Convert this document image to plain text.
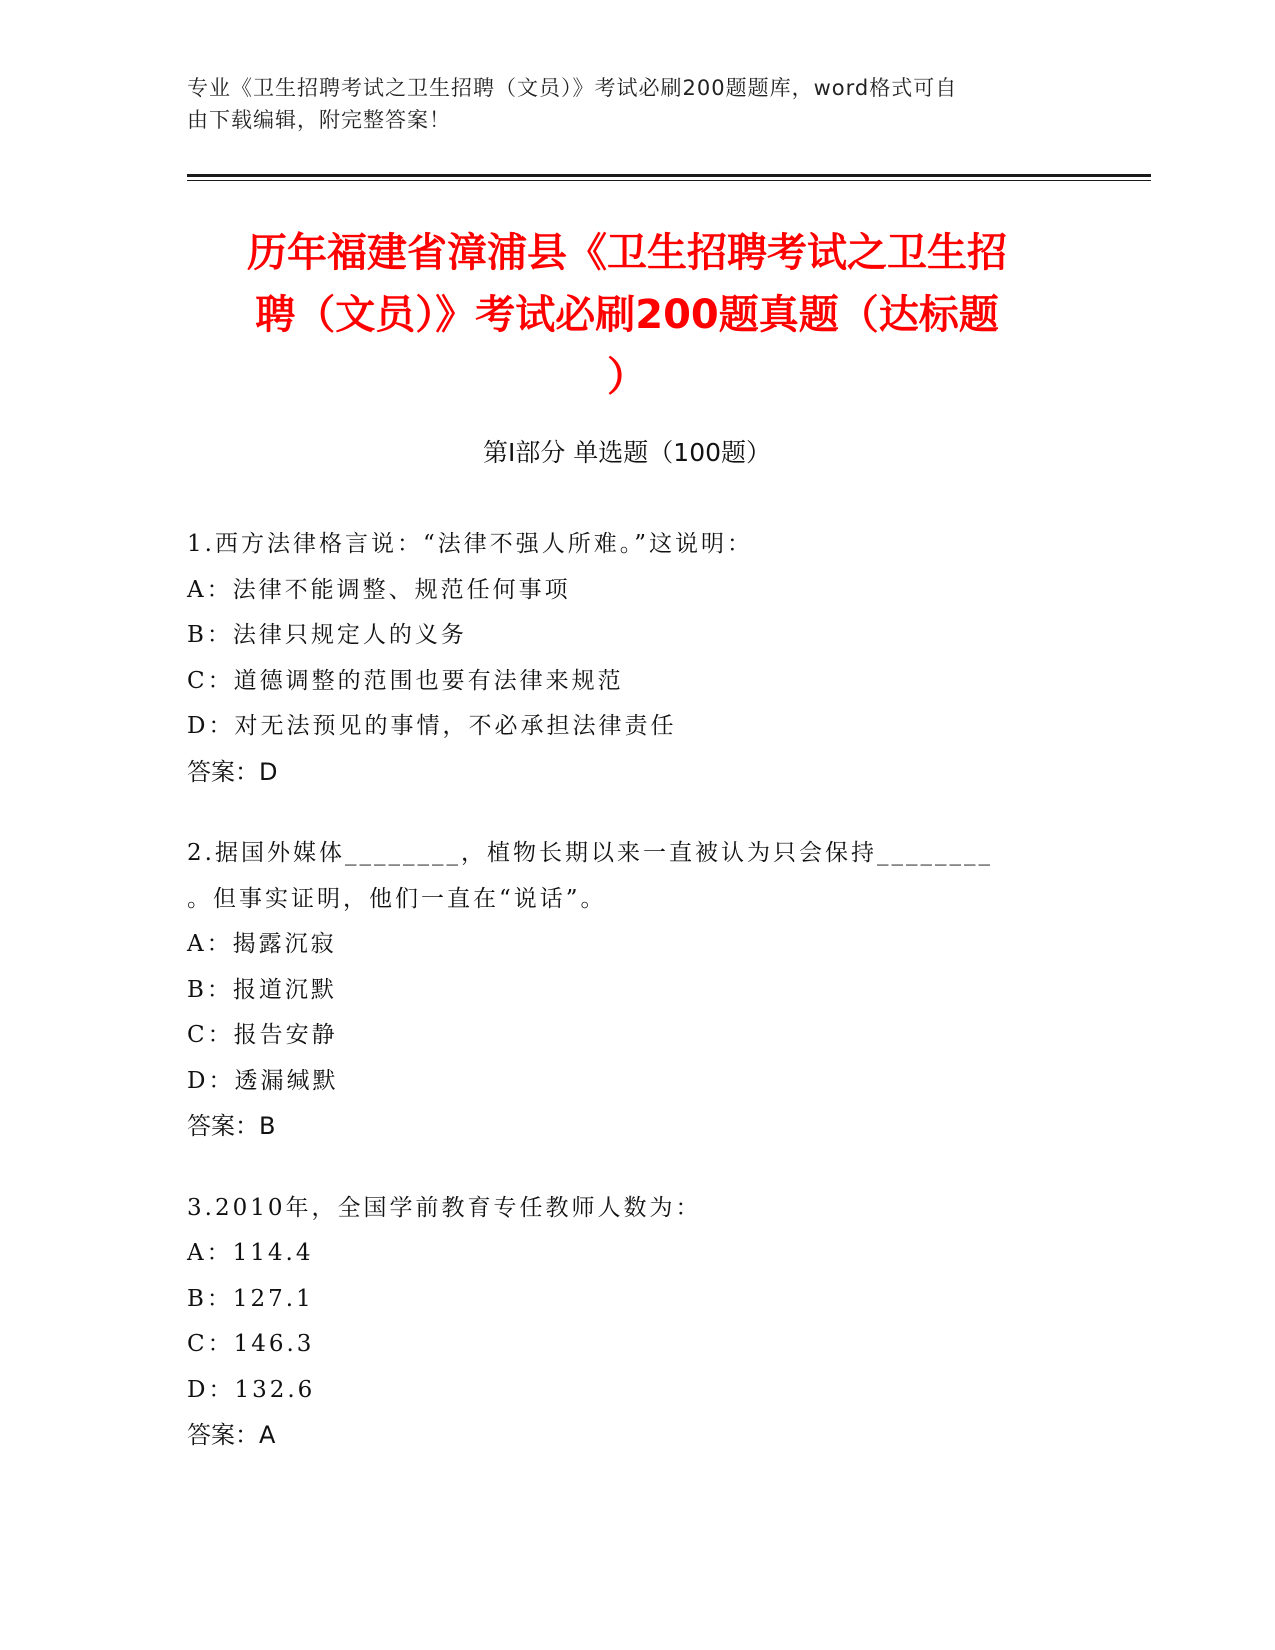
专业《卫生招聘考试之卫生招聘（文员）》考试必刷200题题库，word格式可自
由下载编辑，附完整答案！
历年福建省漳浦县《卫生招聘考试之卫生招
聘（文员）》考试必刷200题真题（达标题
）
第Ⅰ部分 单选题（100题）
1.西方法律格言说：“法律不强人所难。”这说明：
A：法律不能调整、规范任何事项
B：法律只规定人的义务
C：道德调整的范围也要有法律来规范
D：对无法预见的事情，不必承担法律责任
答案：D
2.据国外媒体________，植物长期以来一直被认为只会保持________
。但事实证明，他们一直在“说话”。
A：揭露沉寂
B：报道沉默
C：报告安静
D：透漏缄默
答案：B
3.2010年，全国学前教育专任教师人数为：
A：114.4
B：127.1
C：146.3
D：132.6
答案：A
